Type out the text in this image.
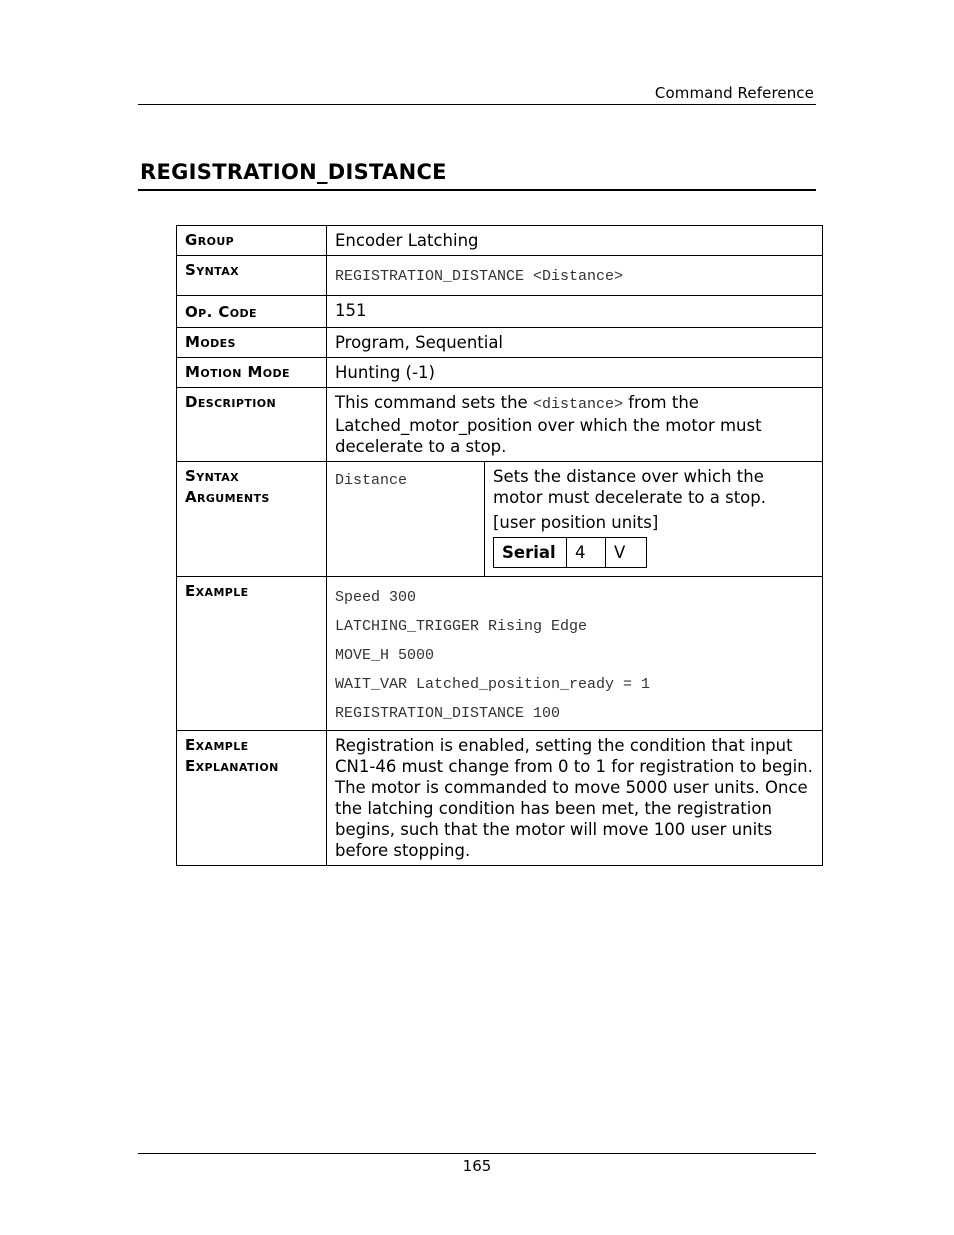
Command Reference
REGISTRATION_DISTANCE
Group	Encoder Latching
Syntax	REGISTRATION_DISTANCE <Distance>
Op. Code	151
Modes	Program, Sequential
Motion Mode	Hunting (-1)
Description	This command sets the <distance> from the Latched_motor_position over which the motor must decelerate to a stop.

Syntax
Arguments

Distance	Sets the distance over which the motor must decelerate to a stop.
[user position units]
Serial	4	V

Example	Speed 300
LATCHING_TRIGGER Rising Edge
MOVE_H 5000
WAIT_VAR Latched_position_ready = 1
REGISTRATION_DISTANCE 100

Example
Explanation
	Registration is enabled, setting the condition that input CN1-46 must change from 0 to 1 for registration to begin. The motor is commanded to move 5000 user units. Once the latching condition has been met, the registration begins, such that the motor will move 100 user units before stopping.
165
